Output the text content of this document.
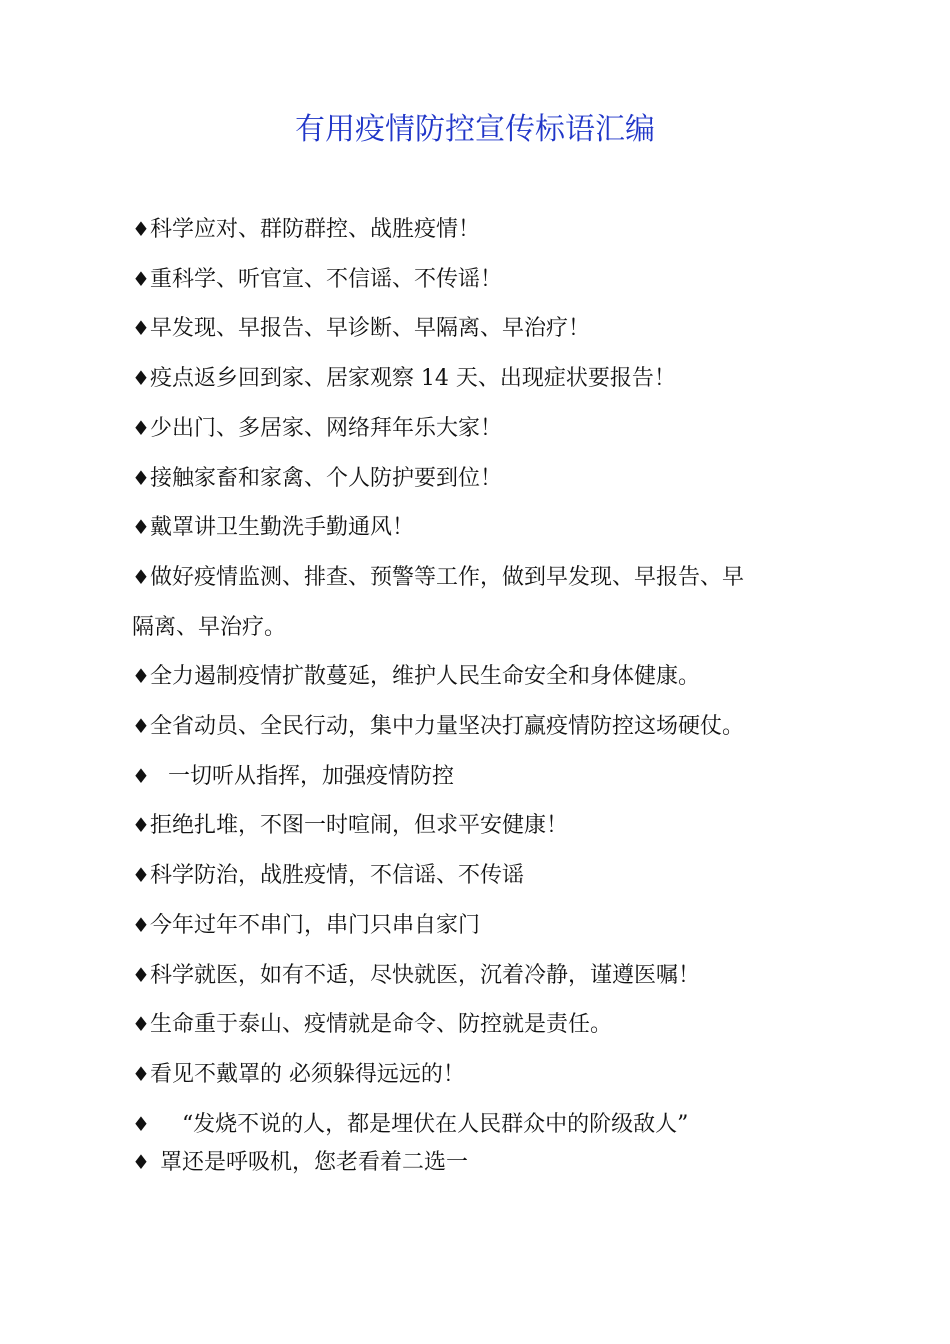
有用疫情防控宣传标语汇编
♦科学应对、群防群控、战胜疫情！
♦重科学、听官宣、不信谣、不传谣！
♦早发现、早报告、早诊断、早隔离、早治疗！
♦疫点返乡回到家、居家观察 14 天、出现症状要报告！
♦少出门、多居家、网络拜年乐大家！
♦接触家畜和家禽、个人防护要到位！
♦戴罩讲卫生勤洗手勤通风！
♦做好疫情监测、排查、预警等工作，做到早发现、早报告、早
隔离、早治疗。
♦全力遏制疫情扩散蔓延，维护人民生命安全和身体健康。
♦全省动员、全民行动，集中力量坚决打赢疫情防控这场硬仗。
♦ 一切听从指挥，加强疫情防控
♦拒绝扎堆，不图一时喧闹，但求平安健康！
♦科学防治，战胜疫情，不信谣、不传谣
♦今年过年不串门，串门只串自家门
♦科学就医，如有不适，尽快就医，沉着冷静，谨遵医嘱！
♦生命重于泰山、疫情就是命令、防控就是责任。
♦看见不戴罩的 必须躲得远远的！
♦ “发烧不说的人，都是埋伏在人民群众中的阶级敌人”
♦ 罩还是呼吸机，您老看着二选一
